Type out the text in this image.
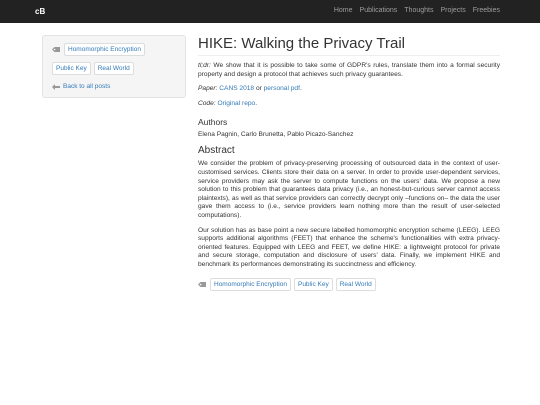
cB	Home Publications Thoughts Projects Freebies
Homomorphic Encryption
Public Key	Real World
Back to all posts
HIKE: Walking the Privacy Trail

tl;dr: We show that it is possible to take some of GDPR's rules, translate them into a formal security property and design a protocol that achieves such privacy guarantees.

Paper: CANS 2018 or personal pdf.

Code: Original repo.

Authors
Elena Pagnin, Carlo Brunetta, Pablo Picazo-Sanchez
Abstract

We consider the problem of privacy-preserving processing of outsourced data in the context of user-customised services. Clients store their data on a server. In order to provide user-dependent services, service providers may ask the server to compute functions on the users' data. We propose a new solution to this problem that guarantees data privacy (i.e., an honest-but-curious server cannot access plaintexts), as well as that service providers can correctly decrypt only –functions on– the data the user gave them access to (i.e., service providers learn nothing more than the result of user-selected computations).

Our solution has as base point a new secure labelled homomorphic encryption scheme (LEEG). LEEG supports additional algorithms (FEET) that enhance the scheme's functionalities with extra privacy-oriented features. Equipped with LEEG and FEET, we define HIKE: a lightweight protocol for private and secure storage, computation and disclosure of users' data. Finally, we implement HIKE and benchmark its performances demonstrating its succinctness and efficiency.

Homomorphic Encryption	Public Key	Real World
